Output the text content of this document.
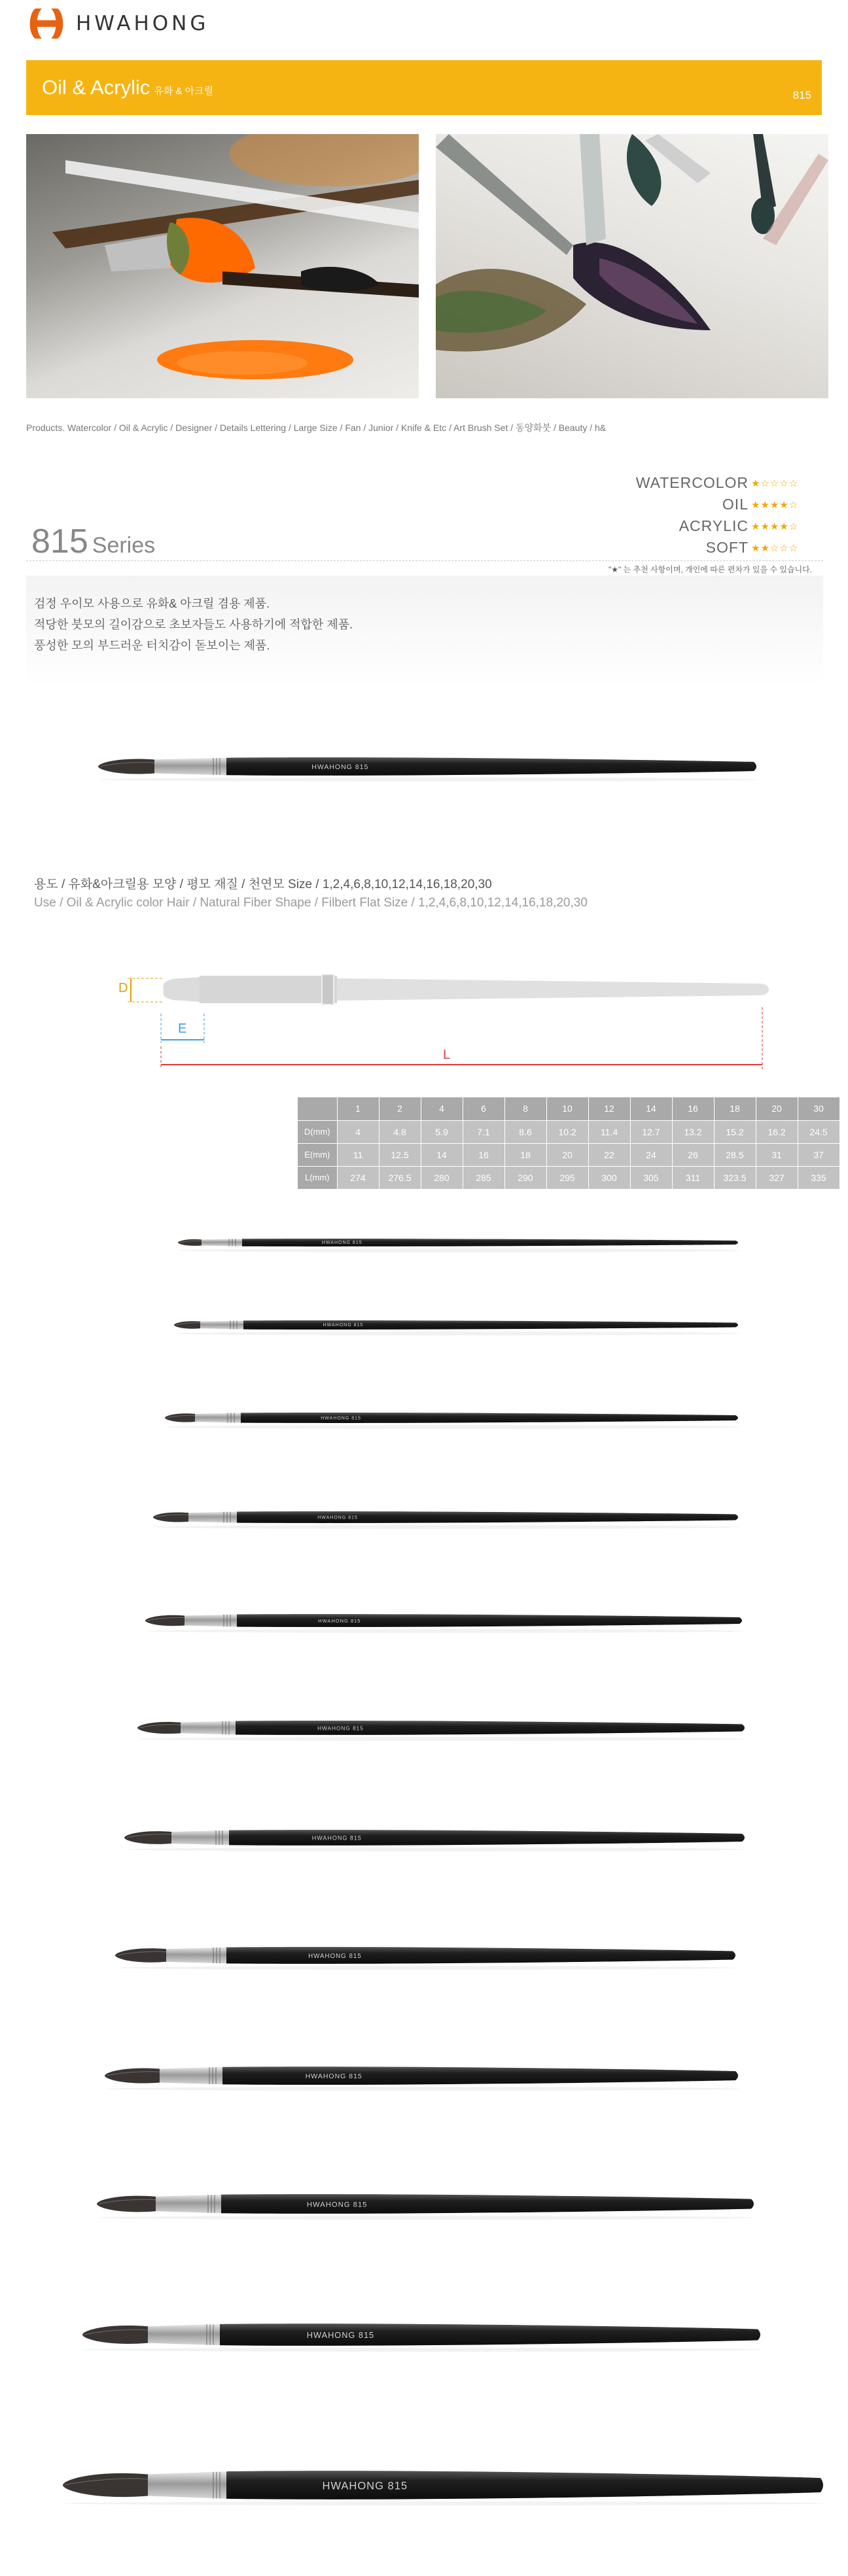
HWAHONG
Oil & Acrylic 유화 & 아크릴	815
Products. Watercolor / Oil & Acrylic / Designer / Details Lettering / Large Size / Fan / Junior / Knife & Etc / Art Brush Set / 동양화붓 / Beauty / h&
WATERCOLOR ★☆☆☆☆
OIL ★★★★☆
ACRYLIC ★★★★☆
SOFT ★★☆☆☆
815 Series
"★" 는 추천 사항이며, 개인에 따른 편차가 있을 수 있습니다.
검정 우이모 사용으로 유화& 아크릴 겸용 제품.
적당한 붓모의 길이감으로 초보자들도 사용하기에 적합한 제품.
풍성한 모의 부드러운 터치감이 돋보이는 제품.
HWAHONG 815
용도 / 유화&아크릴용 모양 / 평모 재질 / 천연모 Size / 1,2,4,6,8,10,12,14,16,18,20,30
Use / Oil & Acrylic color Hair / Natural Fiber Shape / Filbert Flat Size / 1,2,4,6,8,10,12,14,16,18,20,30
D
E
L
	1	2	4	6	8	10	12	14	16	18	20	30
D(mm)	4	4.8	5.9	7.1	8.6	10.2	11.4	12.7	13.2	15.2	16.2	24.5
E(mm)	11	12.5	14	16	18	20	22	24	26	28.5	31	37
L(mm)	274	276.5	280	285	290	295	300	305	311	323.5	327	335
HWAHONG 815
HWAHONG 815
HWAHONG 815
HWAHONG 815
HWAHONG 815
HWAHONG 815
HWAHONG 815
HWAHONG 815
HWAHONG 815
HWAHONG 815
HWAHONG 815
HWAHONG 815
